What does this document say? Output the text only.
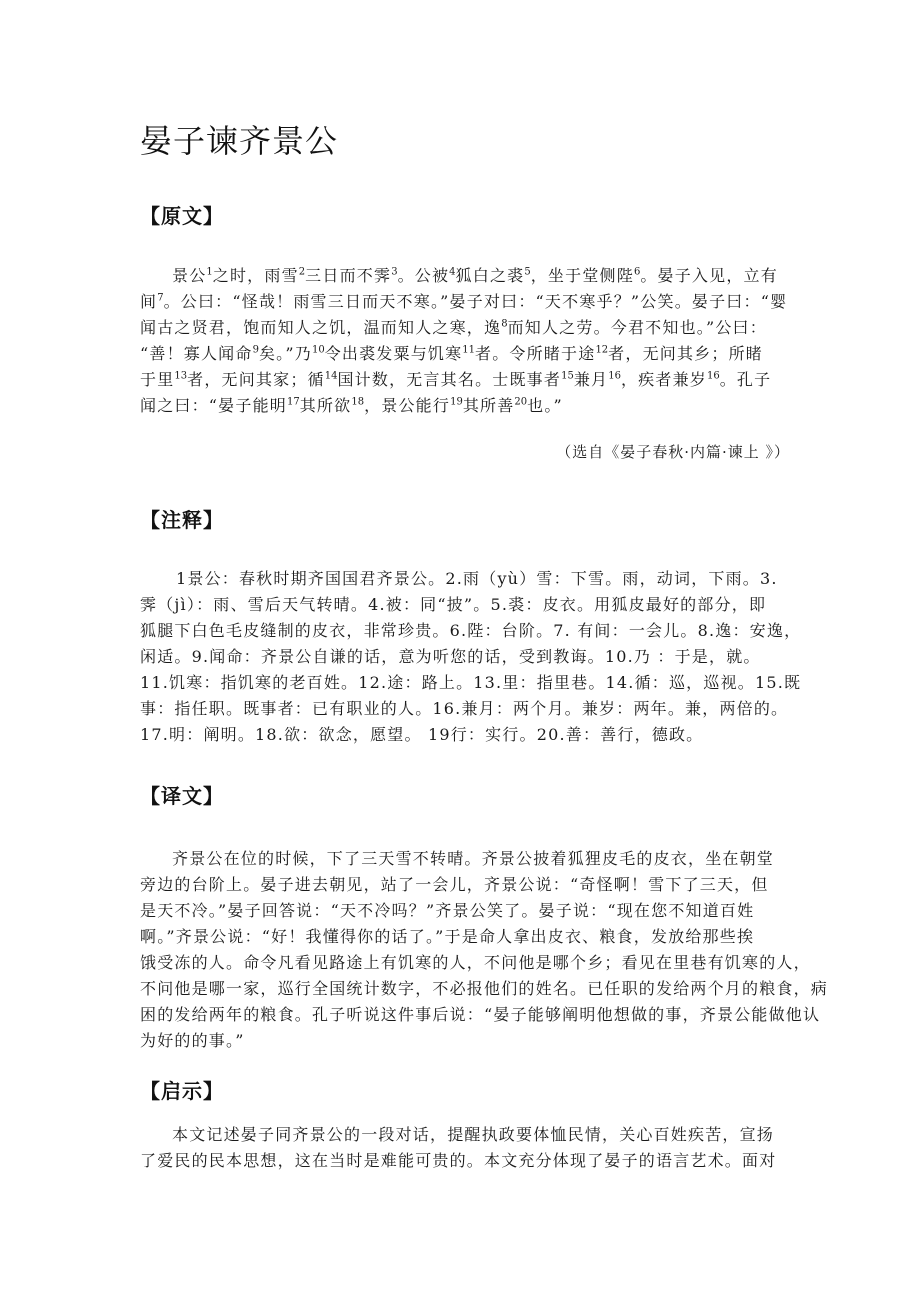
晏子谏齐景公
【原文】
景公$^1$之时，雨雪$^2$三日而不霁$^3$。公被$^4$狐白之裘$^5$，坐于堂侧陛$^6$。晏子入见，立有
间$^7$。公曰：“怪哉！雨雪三日而天不寒。”晏子对曰：“天不寒乎？”公笑。晏子曰：“婴
闻古之贤君，饱而知人之饥，温而知人之寒，逸$^8$而知人之劳。今君不知也。”公曰：
“善！寡人闻命$^9$矣。”乃$^{10}$令出裘发粟与饥寒$^{11}$者。令所睹于途$^{12}$者，无问其乡；所睹
于里$^{13}$者，无问其家；循$^{14}$国计数，无言其名。士既事者$^{15}$兼月$^{16}$，疾者兼岁$^{16}$。孔子
闻之曰：“晏子能明$^{17}$其所欲$^{18}$，景公能行$^{19}$其所善$^{20}$也。”
（选自《晏子春秋·内篇·谏上 》）
【注释】
1景公：春秋时期齐国国君齐景公。2.雨（yù）雪：下雪。雨，动词，下雨。3.
霁（jì）：雨、雪后天气转晴。4.被：同“披”。5.裘：皮衣。用狐皮最好的部分，即
狐腿下白色毛皮缝制的皮衣，非常珍贵。6.陛：台阶。7. 有间：一会儿。8.逸：安逸，
闲适。9.闻命：齐景公自谦的话，意为听您的话，受到教诲。10.乃 ：于是，就。
11.饥寒：指饥寒的老百姓。12.途：路上。13.里：指里巷。14.循：巡，巡视。15.既
事：指任职。既事者：已有职业的人。16.兼月：两个月。兼岁：两年。兼，两倍的。
17.明：阐明。18.欲：欲念，愿望。 19行：实行。20.善：善行，德政。
【译文】
齐景公在位的时候，下了三天雪不转晴。齐景公披着狐狸皮毛的皮衣，坐在朝堂
旁边的台阶上。晏子进去朝见，站了一会儿，齐景公说：“奇怪啊！雪下了三天，但
是天不冷。”晏子回答说：“天不冷吗？”齐景公笑了。晏子说：“现在您不知道百姓
啊。”齐景公说：“好！我懂得你的话了。”于是命人拿出皮衣、粮食，发放给那些挨
饿受冻的人。命令凡看见路途上有饥寒的人，不问他是哪个乡；看见在里巷有饥寒的人，
不问他是哪一家，巡行全国统计数字，不必报他们的姓名。已任职的发给两个月的粮食，病
困的发给两年的粮食。孔子听说这件事后说：“晏子能够阐明他想做的事，齐景公能做他认
为好的的事。”
【启示】
本文记述晏子同齐景公的一段对话，提醒执政要体恤民情，关心百姓疾苦，宣扬
了爱民的民本思想，这在当时是难能可贵的。本文充分体现了晏子的语言艺术。面对
